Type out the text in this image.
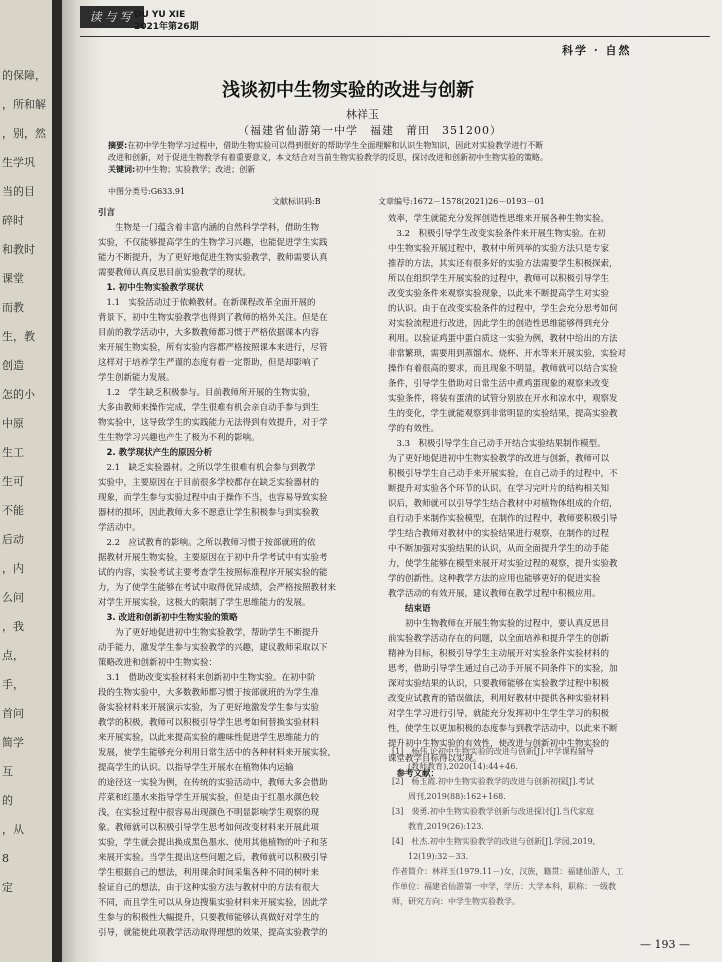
的保障，
，所和解
，别，然
生学巩
当的目
碎时
和教时
课堂
而教
生，教
创造
怎的小
中原
生工
生可
不能
后动
，内
么问
，我
点，
手，
首问
简学
互
的
，从
8
定
读与写 DU YU XIE
2021年第26期
科学 · 自然
浅谈初中生物实验的改进与创新
林祥玉
（福建省仙游第一中学　福建　莆田　351200）
摘要:在初中学生物学习过程中，借助生物实验可以得到很好的帮助学生全面理解和认识生物知识，因此对实验教学进行不断
改进和创新，对于促进生物教学有着重要意义，本文结合对当前生物实验教学的反思，探讨改进和创新初中生物实验的策略。
关键词:初中生物；实验教学；改进；创新
中图分类号:G633.91
文献标识码:B	文章编号:1672－1578(2021)26－0193－01

引言

　　生物是一门蕴含着丰富内涵的自然科学学科，借助生物

实验，不仅能够提高学生的生物学习兴趣，也能促进学生实践

能力不断提升，为了更好地促进生物实验教学，教师需要认真

需要教师认真反思目前实验教学的现状。

　1. 初中生物实验教学现状

　1.1　实验活动过于依赖教材。在新课程改革全面开展的

背景下，初中生物实验教学也得到了教师的格外关注。但是在

目前的教学活动中，大多数教师都习惯于严格依据课本内容

来开展生物实验，所有实验内容都严格按照课本来进行，尽管

这样对于培养学生严谨的态度有着一定帮助，但是却影响了

学生创新能力发展。

　1.2　学生缺乏积极参与。目前教师所开展的生物实验，

大多由教师来操作完成，学生很难有机会亲自动手参与到生

物实验中，这导致学生的实践能力无法得到有效提升，对于学

生生物学习兴趣也产生了极为不利的影响。

　2. 教学现状产生的原因分析

　2.1　缺乏实验器材。之所以学生很难有机会参与到教学

实验中，主要原因在于目前很多学校都存在缺乏实验器材的

现象，而学生参与实验过程中由于操作不当，也容易导致实验

器材的损坏，因此教师大多不愿意让学生积极参与到实验教

学活动中。

　2.2　应试教育的影响。之所以教师习惯于按部就班的依

据教材开展生物实验，主要原因在于初中升学考试中有实验考

试的内容，实验考试主要考查学生按照标准程序开展实验的能

力，为了使学生能够在考试中取得优异成绩，会严格按照教材来

对学生开展实验，这极大的限制了学生思维能力的发展。

　3. 改进和创新初中生物实验的策略

　　为了更好地促进初中生物实验教学，帮助学生不断提升

动手能力，激发学生参与实验教学的兴趣，建议教师采取以下

策略改进和创新初中生物实验：

　3.1　借助改变实验材料来创新初中生物实验。在初中阶

段的生物实验中，大多数教师都习惯于按部就班的为学生准

备实验材料来开展演示实验，为了更好地激发学生参与实验

教学的积极，教师可以积极引导学生思考如何替换实验材料

来开展实验，以此来提高实验的趣味性促进学生思维能力的

发展，使学生能够充分利用日常生活中的各种材料来开展实验，

提高学生的认识。以指导学生开展水在植物体内运输

的途径这一实验为例，在传统的实验活动中，教师大多会借助

芹菜和红墨水来指导学生开展实验，但是由于红墨水颜色较

浅，在实验过程中很容易出现颜色不明显影响学生观察的现

象。教师就可以积极引导学生思考如何改变材料来开展此项

实验，学生就会提出换成黑色墨水、使用其他植物的叶子和茎

来展开实验。当学生提出这些问题之后，教师就可以积极引导

学生根据自己的想法，利用课余时间采集各种不同的树叶来

验证自己的想法，由于这种实验方法与教材中的方法有很大

不同，而且学生可以从身边搜集实验材料来开展实验，因此学

生参与的积极性大幅提升，只要教师能够认真做好对学生的

引导，就能使此项教学活动取得理想的效果，提高实验教学的

效率，学生就能充分发挥创造性思维来开展各种生物实验。

　3.2　积极引导学生改变实验条件来开展生物实验。在初

中生物实验开展过程中，教材中所列举的实验方法只是专家

推荐的方法，其实还有很多好的实验方法需要学生积极探索，

所以在组织学生开展实验的过程中，教师可以积极引导学生

改变实验条件来观察实验现象，以此来不断提高学生对实验

的认识。由于在改变实验条件的过程中，学生会充分思考如何

对实验流程进行改进，因此学生的创造性思维能够得到充分

利用。以验证鸡蛋中蛋白质这一实验为例，教材中给出的方法

非常繁琐，需要用到蒸馏水、烧杯、开水等来开展实验，实验对

操作有着很高的要求，而且现象不明显，教师就可以结合实验

条件，引导学生借助对日常生活中煮鸡蛋现象的观察来改变

实验条件，将装有蛋清的试管分别放在开水和凉水中，观察发

生的变化，学生就能观察到非常明显的实验结果，提高实验教

学的有效性。

　3.3　积极引导学生自己动手开结合实验结果制作模型。

为了更好地促进初中生物实验教学的改进与创新，教师可以

积极引导学生自己动手来开展实验，在自己动手的过程中，不

断提升对实验各个环节的认识。在学习完叶片的结构相关知

识后，教师就可以引导学生结合教材中对植物体组成的介绍，

自行动手来制作实验模型，在制作的过程中，教师要积极引导

学生结合教师对教材中的实验结果进行观察，在制作的过程

中不断加强对实验结果的认识，从而全面提升学生的动手能

力，使学生能够在模型来展开对实验过程的观察，提升实验教

学的创新性。这种教学方法的应用也能够更好的促进实验

教学活动的有效开展，建议教师在教学过程中积极应用。

　　结束语

　　初中生物教师在开展生物实验的过程中，要认真反思目

前实验教学活动存在的问题，以全面培养和提升学生的创新

精神为目标，积极引导学生主动展开对实验条件实验材料的

思考，借助引导学生通过自己动手开展不同条件下的实验，加

深对实验结果的认识，只要教师能够在实验教学过程中积极

改变应试教育的错误做法，利用好教材中提供各种实验材料

对学生学习进行引导，就能充分发挥初中生学生学习的积极

性，使学生以更加积极的态度参与到教学活动中，以此来不断

提升初中生物实验的有效性，使改进与创新初中生物实验的

课堂教学目标得以实现。

　参考文献：

[1]　杨伟.论初中生物实验的改进与创新[J].中学课程辅导

　　(教师教育),2020(14):44+46.

[2]　杨玉霞.初中生物实验教学的改进与创新初探[J].考试

　　周刊,2019(88):162+168.

[3]　裴勇.初中生物实验教学创新与改进探讨[J].当代家庭

　　教育,2019(26):123.

[4]　杜杰.初中生物实验教学的改进与创新[J].学园,2019,

　　12(19):32－33.

作者简介：林祥玉(1979.11－)女，汉族，籍贯：福建仙游人，工

作单位：福建省仙游第一中学，学历：大学本科，职称：一级教

师，研究方向：中学生物实验教学。

— 193 —
